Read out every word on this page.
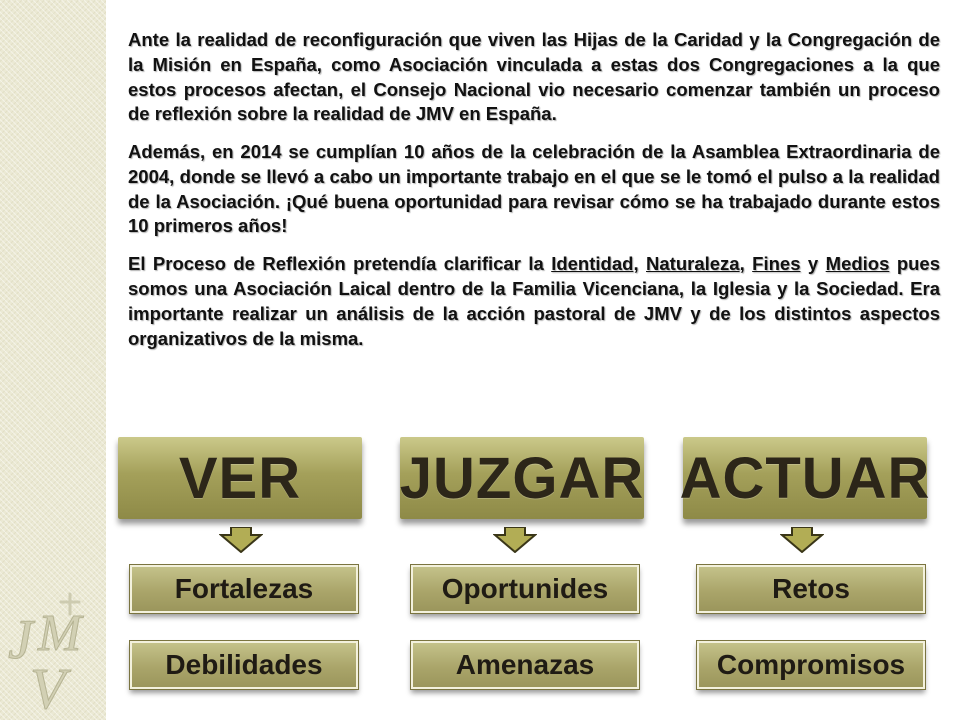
J M
V

Ante la realidad de reconfiguración que viven las Hijas de la Caridad y la Congregación de la Misión en España, como Asociación vinculada a estas dos Congregaciones a la que estos procesos afectan, el Consejo Nacional vio necesario comenzar también un proceso de reflexión sobre la realidad de JMV en España.

Además, en 2014 se cumplían 10 años de la celebración de la Asamblea Extraordinaria de 2004, donde se llevó a cabo un importante trabajo en el que se le tomó el pulso a la realidad de la Asociación. ¡Qué buena oportunidad para revisar cómo se ha trabajado durante estos 10 primeros años!

El Proceso de Reflexión pretendía clarificar la Identidad, Naturaleza, Fines y Medios pues somos una Asociación Laical dentro de la Familia Vicenciana, la Iglesia y la Sociedad. Era importante realizar un análisis de la acción pastoral de JMV y de los distintos aspectos organizativos de la misma.

VER	JUZGAR ACTUAR
Fortalezas	Oportunides	Retos
Debilidades	Amenazas	Compromisos
